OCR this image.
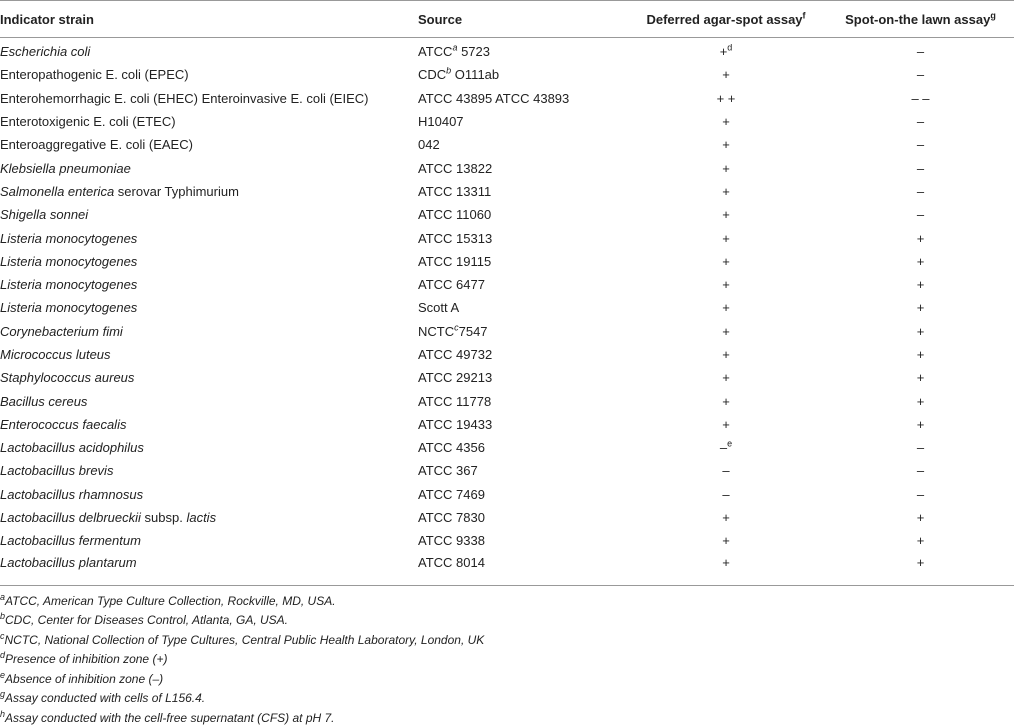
Indicator strain	Source	Deferred agar-spot assay$^f$	Spot-on-the lawn assay$^g$
Escherichia coli	ATCC$^a$ 5723	+$^d$	–
Enteropathogenic E. coli (EPEC)	CDC$^b$ O111ab	+	–
Enterohemorrhagic E. coli (EHEC) Enteroinvasive E. coli (EIEC)	ATCC 43895 ATCC 43893	+ +	– –
Enterotoxigenic E. coli (ETEC)	H10407	+	–
Enteroaggregative E. coli (EAEC)	042	+	–
Klebsiella pneumoniae	ATCC 13822	+	–
Salmonella enterica serovar Typhimurium	ATCC 13311	+	–
Shigella sonnei	ATCC 11060	+	–
Listeria monocytogenes	ATCC 15313	+	+
Listeria monocytogenes	ATCC 19115	+	+
Listeria monocytogenes	ATCC 6477	+	+
Listeria monocytogenes	Scott A	+	+
Corynebacterium fimi	$NCTC^c7547$	+	+
Micrococcus luteus	ATCC 49732	+	+
Staphylococcus aureus	ATCC 29213	+	+
Bacillus cereus	ATCC 11778	+	+
Enterococcus faecalis	ATCC 19433	+	+
Lactobacillus acidophilus	ATCC 4356	–$^e$	–
Lactobacillus brevis	ATCC 367	–	–
Lactobacillus rhamnosus	ATCC 7469	–	–
Lactobacillus delbrueckii subsp. lactis	ATCC 7830	+	+
Lactobacillus fermentum	ATCC 9338	+	+
Lactobacillus plantarum	ATCC 8014	+	+
$^a$ATCC, American Type Culture Collection, Rockville, MD, USA.
$^b$CDC, Center for Diseases Control, Atlanta, GA, USA.
$^c$NCTC, National Collection of Type Cultures, Central Public Health Laboratory, London, UK
$^d$Presence of inhibition zone (+)
$^e$Absence of inhibition zone (–)
$^g$Assay conducted with cells of L156.4.
$^h$Assay conducted with the cell-free supernatant (CFS) at pH 7.
